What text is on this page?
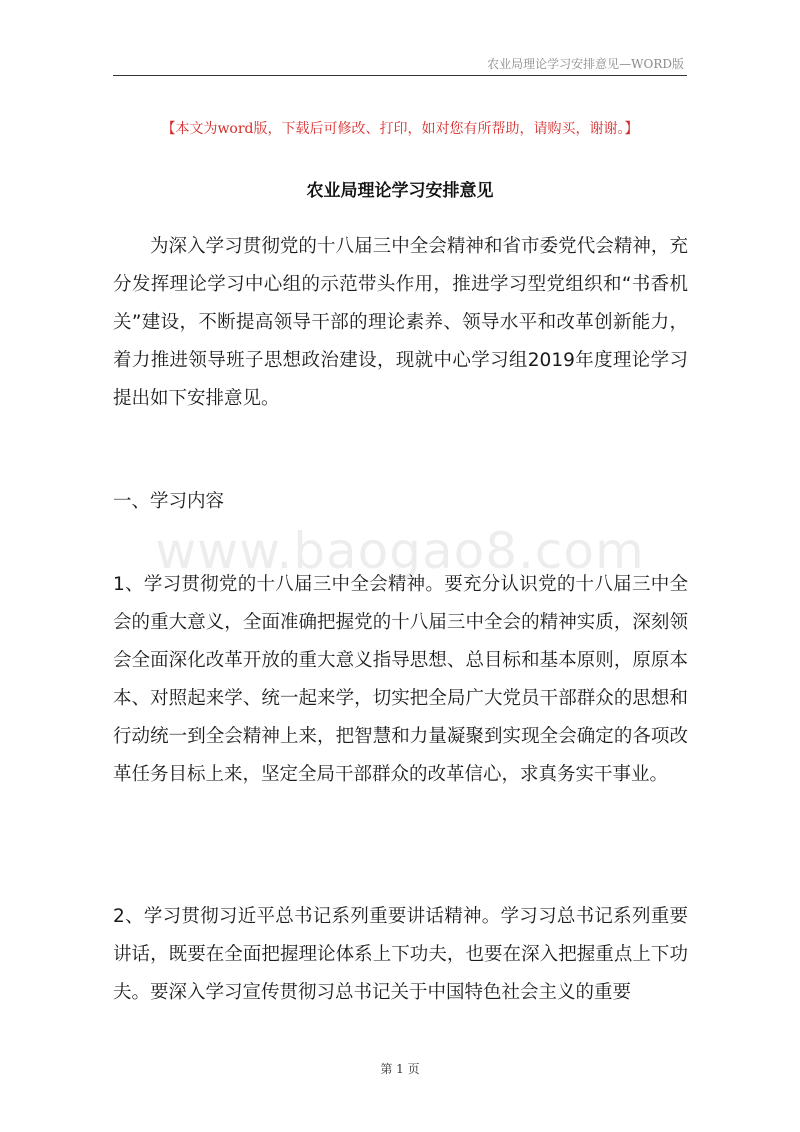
农业局理论学习安排意见—WORD版
【本文为word版，下载后可修改、打印，如对您有所帮助，请购买，谢谢。】
农业局理论学习安排意见

为深入学习贯彻党的十八届三中全会精神和省市委党代会精神，充分发挥理论学习中心组的示范带头作用，推进学习型党组织和“书香机关”建设，不断提高领导干部的理论素养、领导水平和改革创新能力，着力推进领导班子思想政治建设，现就中心学习组2019年度理论学习提出如下安排意见。

一、学习内容

www.baogao8.com

1、学习贯彻党的十八届三中全会精神。要充分认识党的十八届三中全会的重大意义，全面准确把握党的十八届三中全会的精神实质，深刻领会全面深化改革开放的重大意义指导思想、总目标和基本原则，原原本本、对照起来学、统一起来学，切实把全局广大党员干部群众的思想和行动统一到全会精神上来，把智慧和力量凝聚到实现全会确定的各项改革任务目标上来，坚定全局干部群众的改革信心，求真务实干事业。

2、学习贯彻习近平总书记系列重要讲话精神。学习习总书记系列重要讲话，既要在全面把握理论体系上下功夫，也要在深入把握重点上下功夫。要深入学习宣传贯彻习总书记关于中国特色社会主义的重要

第 1 页
